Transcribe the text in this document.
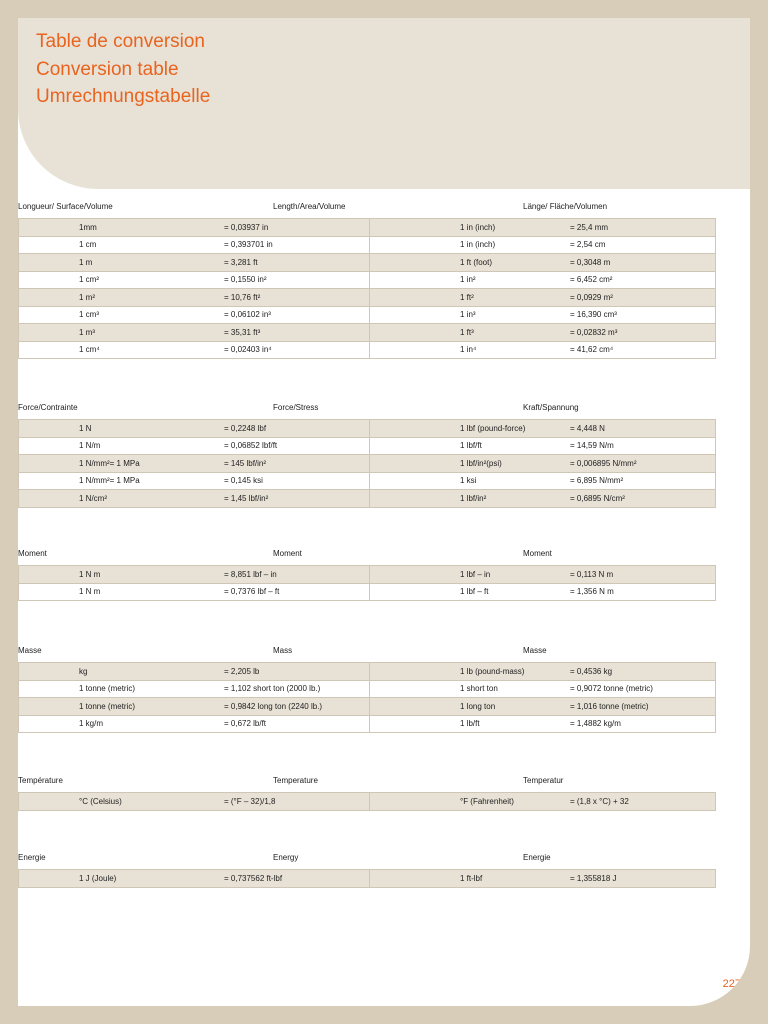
Table de conversion
Conversion table
Umrechnungstabelle
227
Longueur/ Surface/Volume	Length/Area/Volume	Länge/ Fläche/Volumen
	1mm	= 0,03937 in		1 in (inch)	= 25,4 mm
	1 cm	= 0,393701 in		1 in (inch)	= 2,54 cm
	1 m	= 3,281 ft		1 ft (foot)	= 0,3048 m
	1 cm²	= 0,1550 in²		1 in²	= 6,452 cm²
	1 m²	= 10,76 ft²		1 ft²	= 0,0929 m²
	1 cm³	= 0,06102 in³		1 in³	= 16,390 cm³
	1 m³	= 35,31 ft³		1 ft³	= 0,02832 m³
	1 cm⁴	= 0,02403 in⁴		1 in⁴	= 41,62 cm⁴
Force/Contrainte	Force/Stress	Kraft/Spannung
	1 N	= 0,2248 lbf		1 lbf (pound-force)	= 4,448 N
	1 N/m	= 0,06852 lbf/ft		1 lbf/ft	= 14,59 N/m
	1 N/mm²= 1 MPa	= 145 lbf/in²		1 lbf/in²(psi)	= 0,006895 N/mm²
	1 N/mm²= 1 MPa	= 0,145 ksi		1 ksi	= 6,895 N/mm²
	1 N/cm²	= 1,45 lbf/in²		1 lbf/in²	= 0,6895 N/cm²
Moment	Moment	Moment
	1 N m	= 8,851 lbf – in		1 lbf – in	= 0,113 N m
	1 N m	= 0,7376 lbf – ft		1 lbf – ft	= 1,356 N m
Masse	Mass	Masse
	kg	= 2,205 lb		1 lb (pound-mass)	= 0,4536 kg
	1 tonne (metric)	= 1,102 short ton (2000 lb.)		1 short ton	= 0,9072 tonne (metric)
	1 tonne (metric)	= 0,9842 long ton (2240 lb.)		1 long ton	= 1,016 tonne (metric)
	1 kg/m	= 0,672 lb/ft		1 lb/ft	= 1,4882 kg/m
Température	Temperature	Temperatur
	°C (Celsius)	= (°F – 32)/1,8		°F (Fahrenheit)	= (1,8 x °C) + 32
Energie	Energy	Energie
	1 J (Joule)	= 0,737562 ft-lbf		1 ft-lbf	= 1,355818 J
